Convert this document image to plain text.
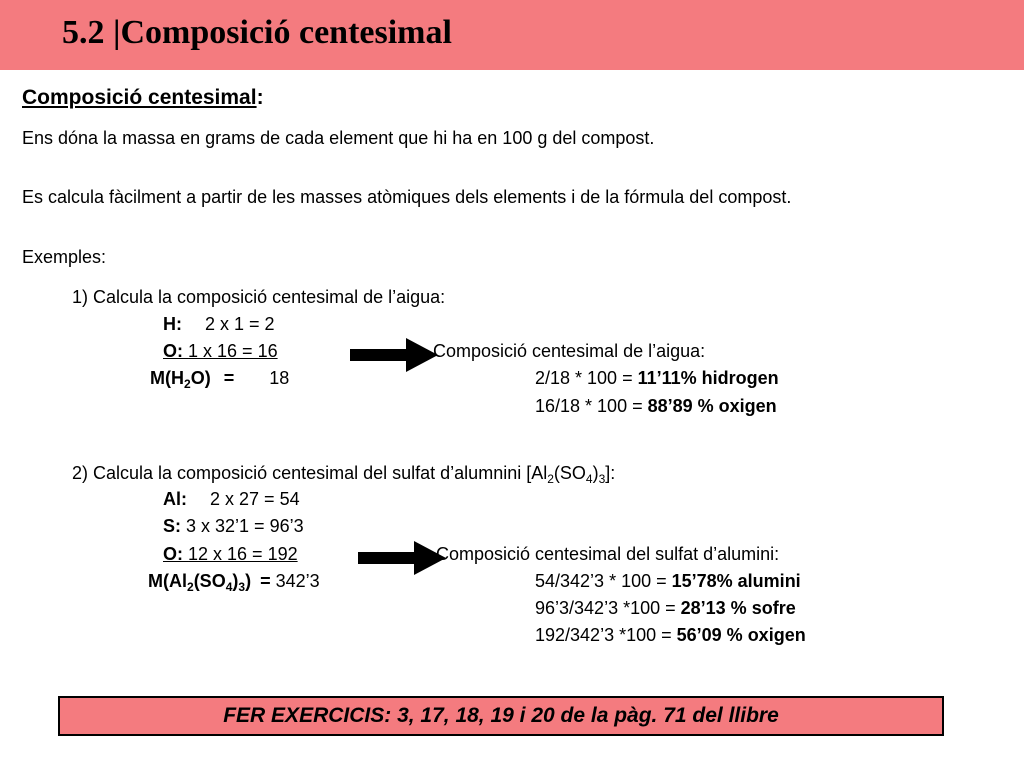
5.2 |Composició centesimal
Composició centesimal:
Ens dóna la massa en grams de cada element que hi ha en 100 g del compost.
Es calcula fàcilment a partir de les masses atòmiques dels elements i de la fórmula del compost.
Exemples:
1) Calcula la composició centesimal de l’aigua:
H: 2 x 1 = 2
O: 1 x 16 = 16
$M(H_2O) = 18$
Composició centesimal de l’aigua:
2/18 * 100 = 11’11% hidrogen
16/18 * 100 = 88’89 % oxigen
2) Calcula la composició centesimal del sulfat d’alumnini $[Al_2(SO_4)_3]$:
Al: 2 x 27 = 54
S: 3 x 32’1 = 96’3
O: 12 x 16 = 192
$M(Al_2(SO_4)_3)$ = 342’3
Composició centesimal del sulfat d’alumini:
54/342’3 * 100 = 15’78% alumini
96’3/342’3 *100 = 28’13 % sofre
192/342’3 *100 = 56’09 % oxigen
FER EXERCICIS: 3, 17, 18, 19 i 20 de la pàg. 71 del llibre
